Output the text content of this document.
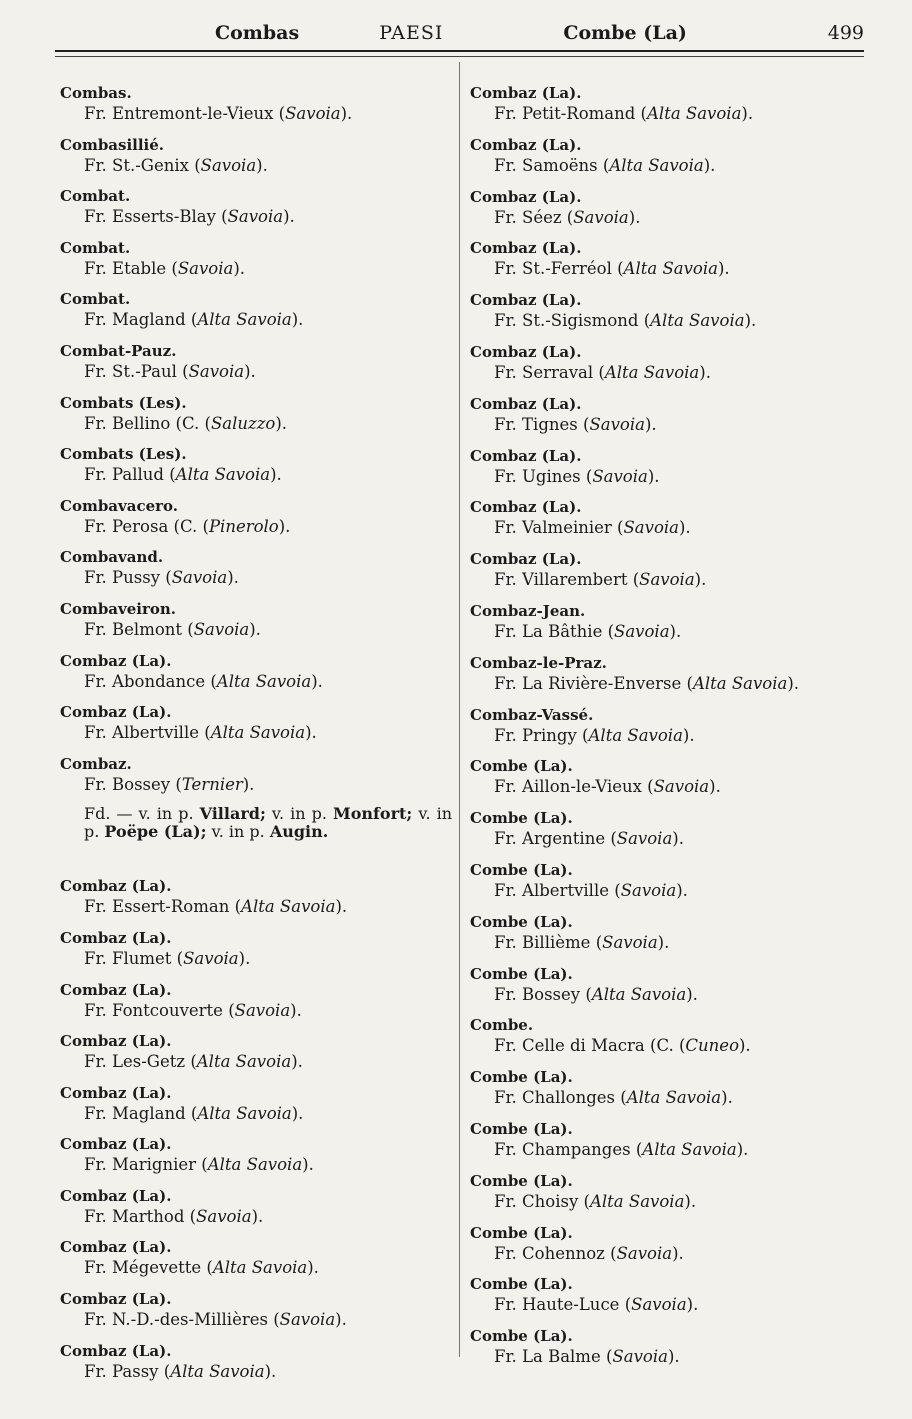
Combas	PAESI	Combe (La)	499
Combas.
Fr. Entremont-le-Vieux (Savoia).
Combasillié.
Fr. St.-Genix (Savoia).
Combat.
Fr. Esserts-Blay (Savoia).
Combat.
Fr. Etable (Savoia).
Combat.
Fr. Magland (Alta Savoia).
Combat-Pauz.
Fr. St.-Paul (Savoia).
Combats (Les).
Fr. Bellino (C. (Saluzzo).
Combats (Les).
Fr. Pallud (Alta Savoia).
Combavacero.
Fr. Perosa (C. (Pinerolo).
Combavand.
Fr. Pussy (Savoia).
Combaveiron.
Fr. Belmont (Savoia).
Combaz (La).
Fr. Abondance (Alta Savoia).
Combaz (La).
Fr. Albertville (Alta Savoia).
Combaz.
Fr. Bossey (Ternier).
Fd. — v. in p. Villard; v. in p. Monfort; v. in p. Poëpe (La); v. in p. Augin.
Combaz (La).
Fr. Essert-Roman (Alta Savoia).
Combaz (La).
Fr. Flumet (Savoia).
Combaz (La).
Fr. Fontcouverte (Savoia).
Combaz (La).
Fr. Les-Getz (Alta Savoia).
Combaz (La).
Fr. Magland (Alta Savoia).
Combaz (La).
Fr. Marignier (Alta Savoia).
Combaz (La).
Fr. Marthod (Savoia).
Combaz (La).
Fr. Mégevette (Alta Savoia).
Combaz (La).
Fr. N.-D.-des-Millières (Savoia).
Combaz (La).
Fr. Passy (Alta Savoia).
Combaz (La).
Fr. Petit-Romand (Alta Savoia).
Combaz (La).
Fr. Samoëns (Alta Savoia).
Combaz (La).
Fr. Séez (Savoia).
Combaz (La).
Fr. St.-Ferréol (Alta Savoia).
Combaz (La).
Fr. St.-Sigismond (Alta Savoia).
Combaz (La).
Fr. Serraval (Alta Savoia).
Combaz (La).
Fr. Tignes (Savoia).
Combaz (La).
Fr. Ugines (Savoia).
Combaz (La).
Fr. Valmeinier (Savoia).
Combaz (La).
Fr. Villarembert (Savoia).
Combaz-Jean.
Fr. La Bâthie (Savoia).
Combaz-le-Praz.
Fr. La Rivière-Enverse (Alta Savoia).
Combaz-Vassé.
Fr. Pringy (Alta Savoia).
Combe (La).
Fr. Aillon-le-Vieux (Savoia).
Combe (La).
Fr. Argentine (Savoia).
Combe (La).
Fr. Albertville (Savoia).
Combe (La).
Fr. Billième (Savoia).
Combe (La).
Fr. Bossey (Alta Savoia).
Combe.
Fr. Celle di Macra (C. (Cuneo).
Combe (La).
Fr. Challonges (Alta Savoia).
Combe (La).
Fr. Champanges (Alta Savoia).
Combe (La).
Fr. Choisy (Alta Savoia).
Combe (La).
Fr. Cohennoz (Savoia).
Combe (La).
Fr. Haute-Luce (Savoia).
Combe (La).
Fr. La Balme (Savoia).
